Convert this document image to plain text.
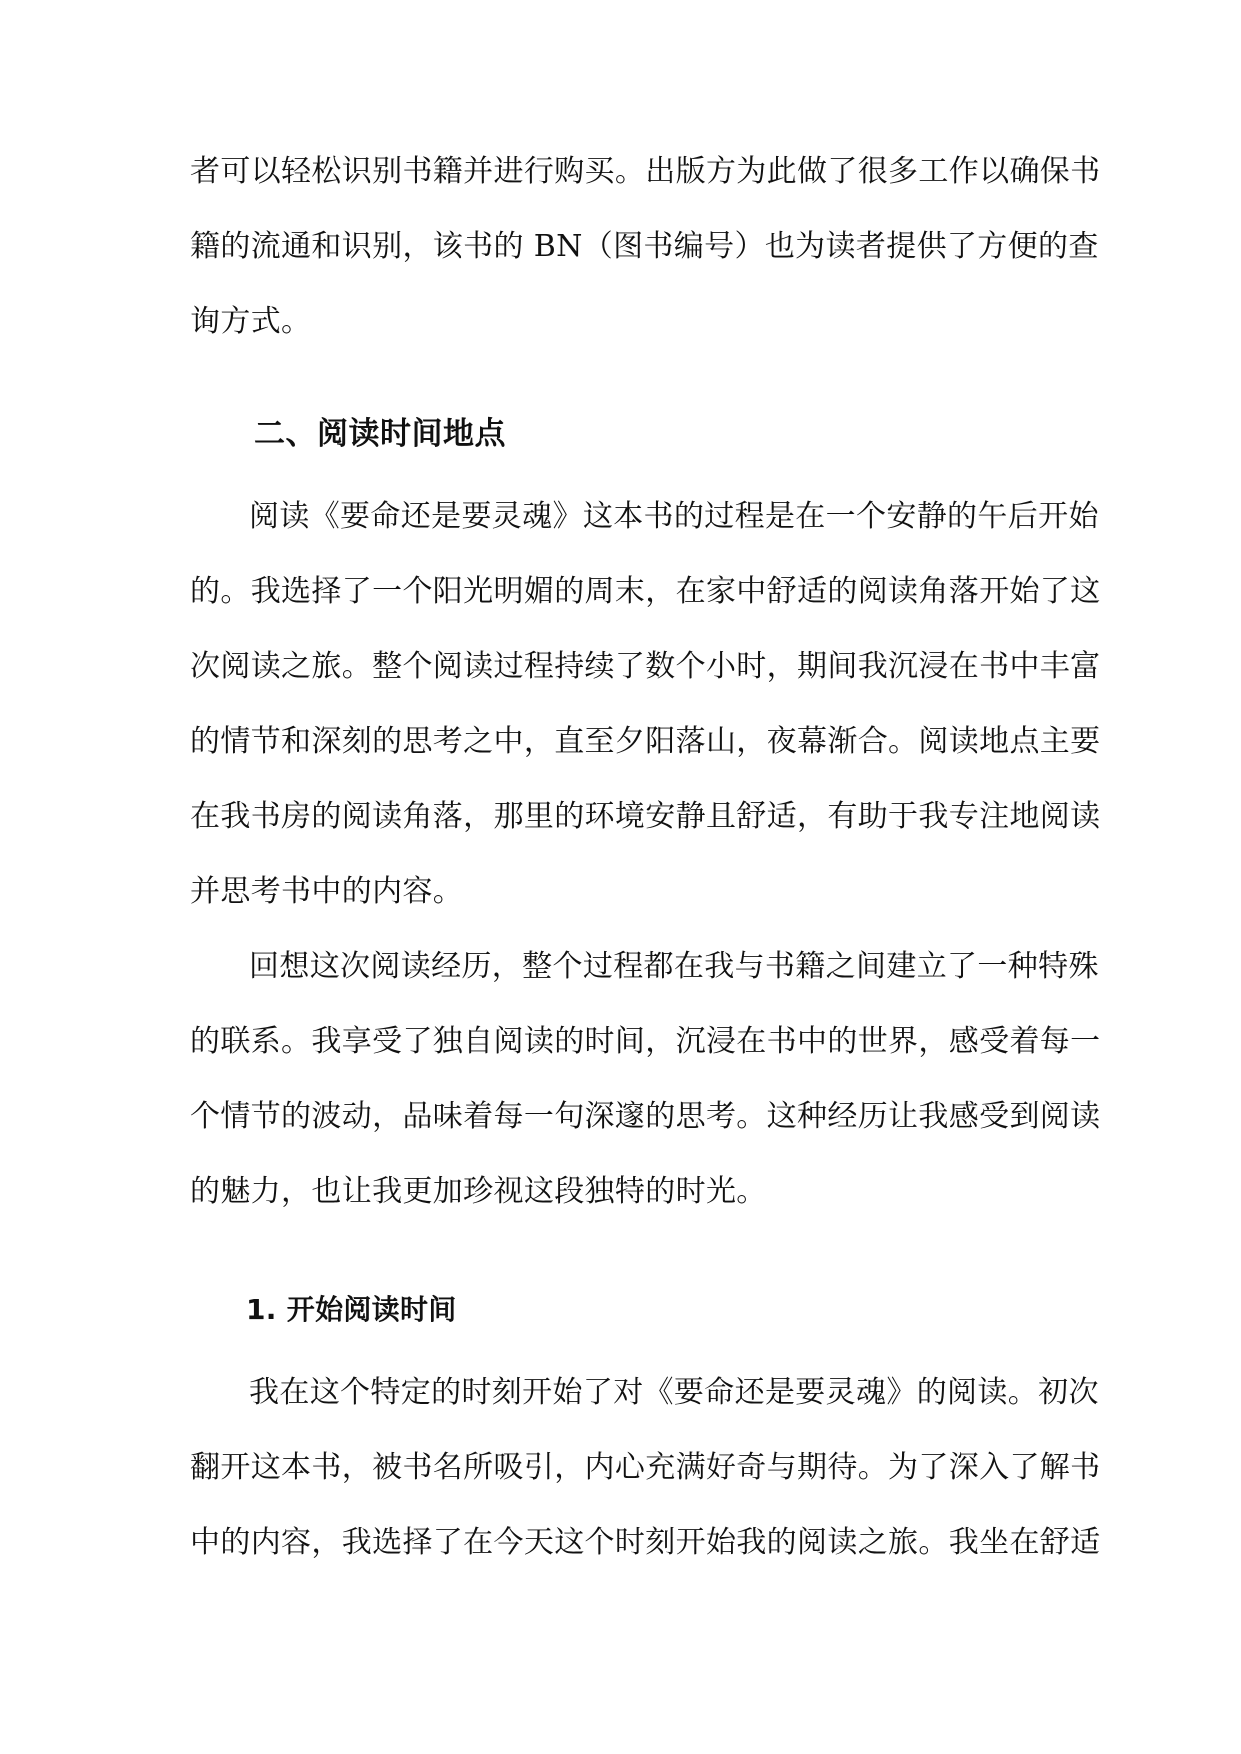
者可以轻松识别书籍并进行购买。出版方为此做了很多工作以确保书
籍的流通和识别，该书的 BN（图书编号）也为读者提供了方便的查
询方式。
二、阅读时间地点
阅读《要命还是要灵魂》这本书的过程是在一个安静的午后开始
的。我选择了一个阳光明媚的周末，在家中舒适的阅读角落开始了这
次阅读之旅。整个阅读过程持续了数个小时，期间我沉浸在书中丰富
的情节和深刻的思考之中，直至夕阳落山，夜幕渐合。阅读地点主要
在我书房的阅读角落，那里的环境安静且舒适，有助于我专注地阅读
并思考书中的内容。
回想这次阅读经历，整个过程都在我与书籍之间建立了一种特殊
的联系。我享受了独自阅读的时间，沉浸在书中的世界，感受着每一
个情节的波动，品味着每一句深邃的思考。这种经历让我感受到阅读
的魅力，也让我更加珍视这段独特的时光。
1. 开始阅读时间
我在这个特定的时刻开始了对《要命还是要灵魂》的阅读。初次
翻开这本书，被书名所吸引，内心充满好奇与期待。为了深入了解书
中的内容，我选择了在今天这个时刻开始我的阅读之旅。我坐在舒适
